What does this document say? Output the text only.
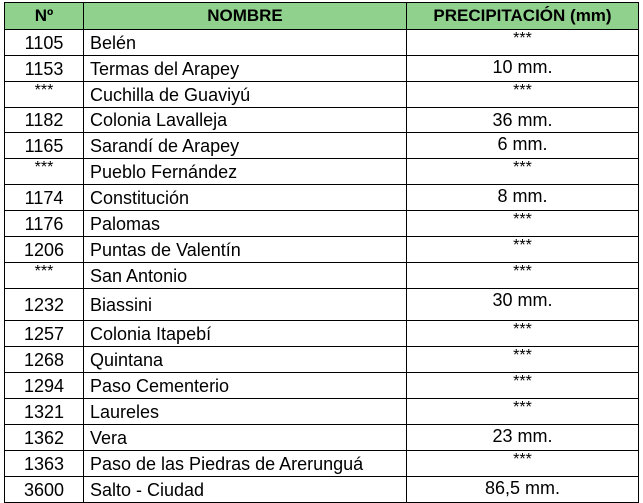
Nº	NOMBRE	PRECIPITACIÓN (mm)
1105	Belén	***
1153	Termas del Arapey	10 mm.
***	Cuchilla de Guaviyú	***
1182	Colonia Lavalleja	36 mm.
1165	Sarandí de Arapey	6 mm.
***	Pueblo Fernández	***
1174	Constitución	8 mm.
1176	Palomas	***
1206	Puntas de Valentín	***
***	San Antonio	***
1232	Biassini	30 mm.
1257	Colonia Itapebí	***
1268	Quintana	***
1294	Paso Cementerio	***
1321	Laureles	***
1362	Vera	23 mm.
1363	Paso de las Piedras de Arerunguá	***
3600	Salto - Ciudad	86,5 mm.
